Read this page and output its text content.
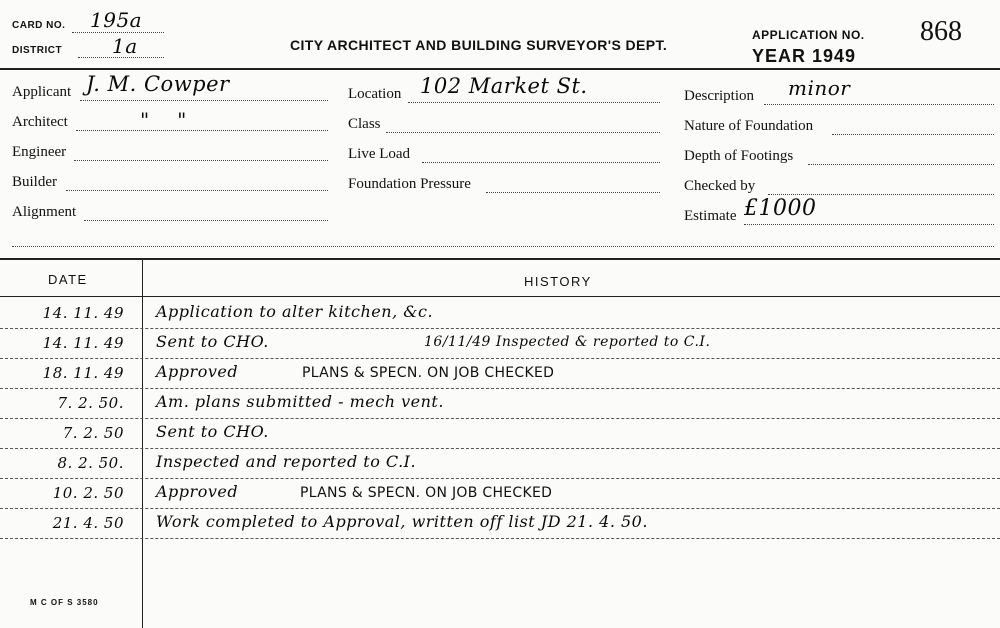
CARD NO. 195a
DISTRICT 1a	CITY ARCHITECT AND BUILDING SURVEYOR'S DEPT.
APPLICATION NO. 868
YEAR 1949
Applicant J. M. Cowper
Architect	"    "
Engineer
Builder
Alignment
Location 102 Market St.
Class
Live Load
Foundation Pressure
Description minor
Nature of Foundation
Depth of Footings
Checked by
Estimate £1000
DATE	HISTORY
14. 11. 49 Application to alter kitchen, &c.
14. 11. 49 Sent to CHO.	16/11/49 Inspected & reported to C.I.
18. 11. 49 Approved	PLANS & SPECN. ON JOB CHECKED
7. 2. 50. Am. plans submitted - mech vent.
7. 2. 50 Sent to CHO.
8. 2. 50. Inspected and reported to C.I.
10. 2. 50 Approved	PLANS & SPECN. ON JOB CHECKED
21. 4. 50 Work completed to Approval, written off list JD 21. 4. 50.
M C OF S 3580
